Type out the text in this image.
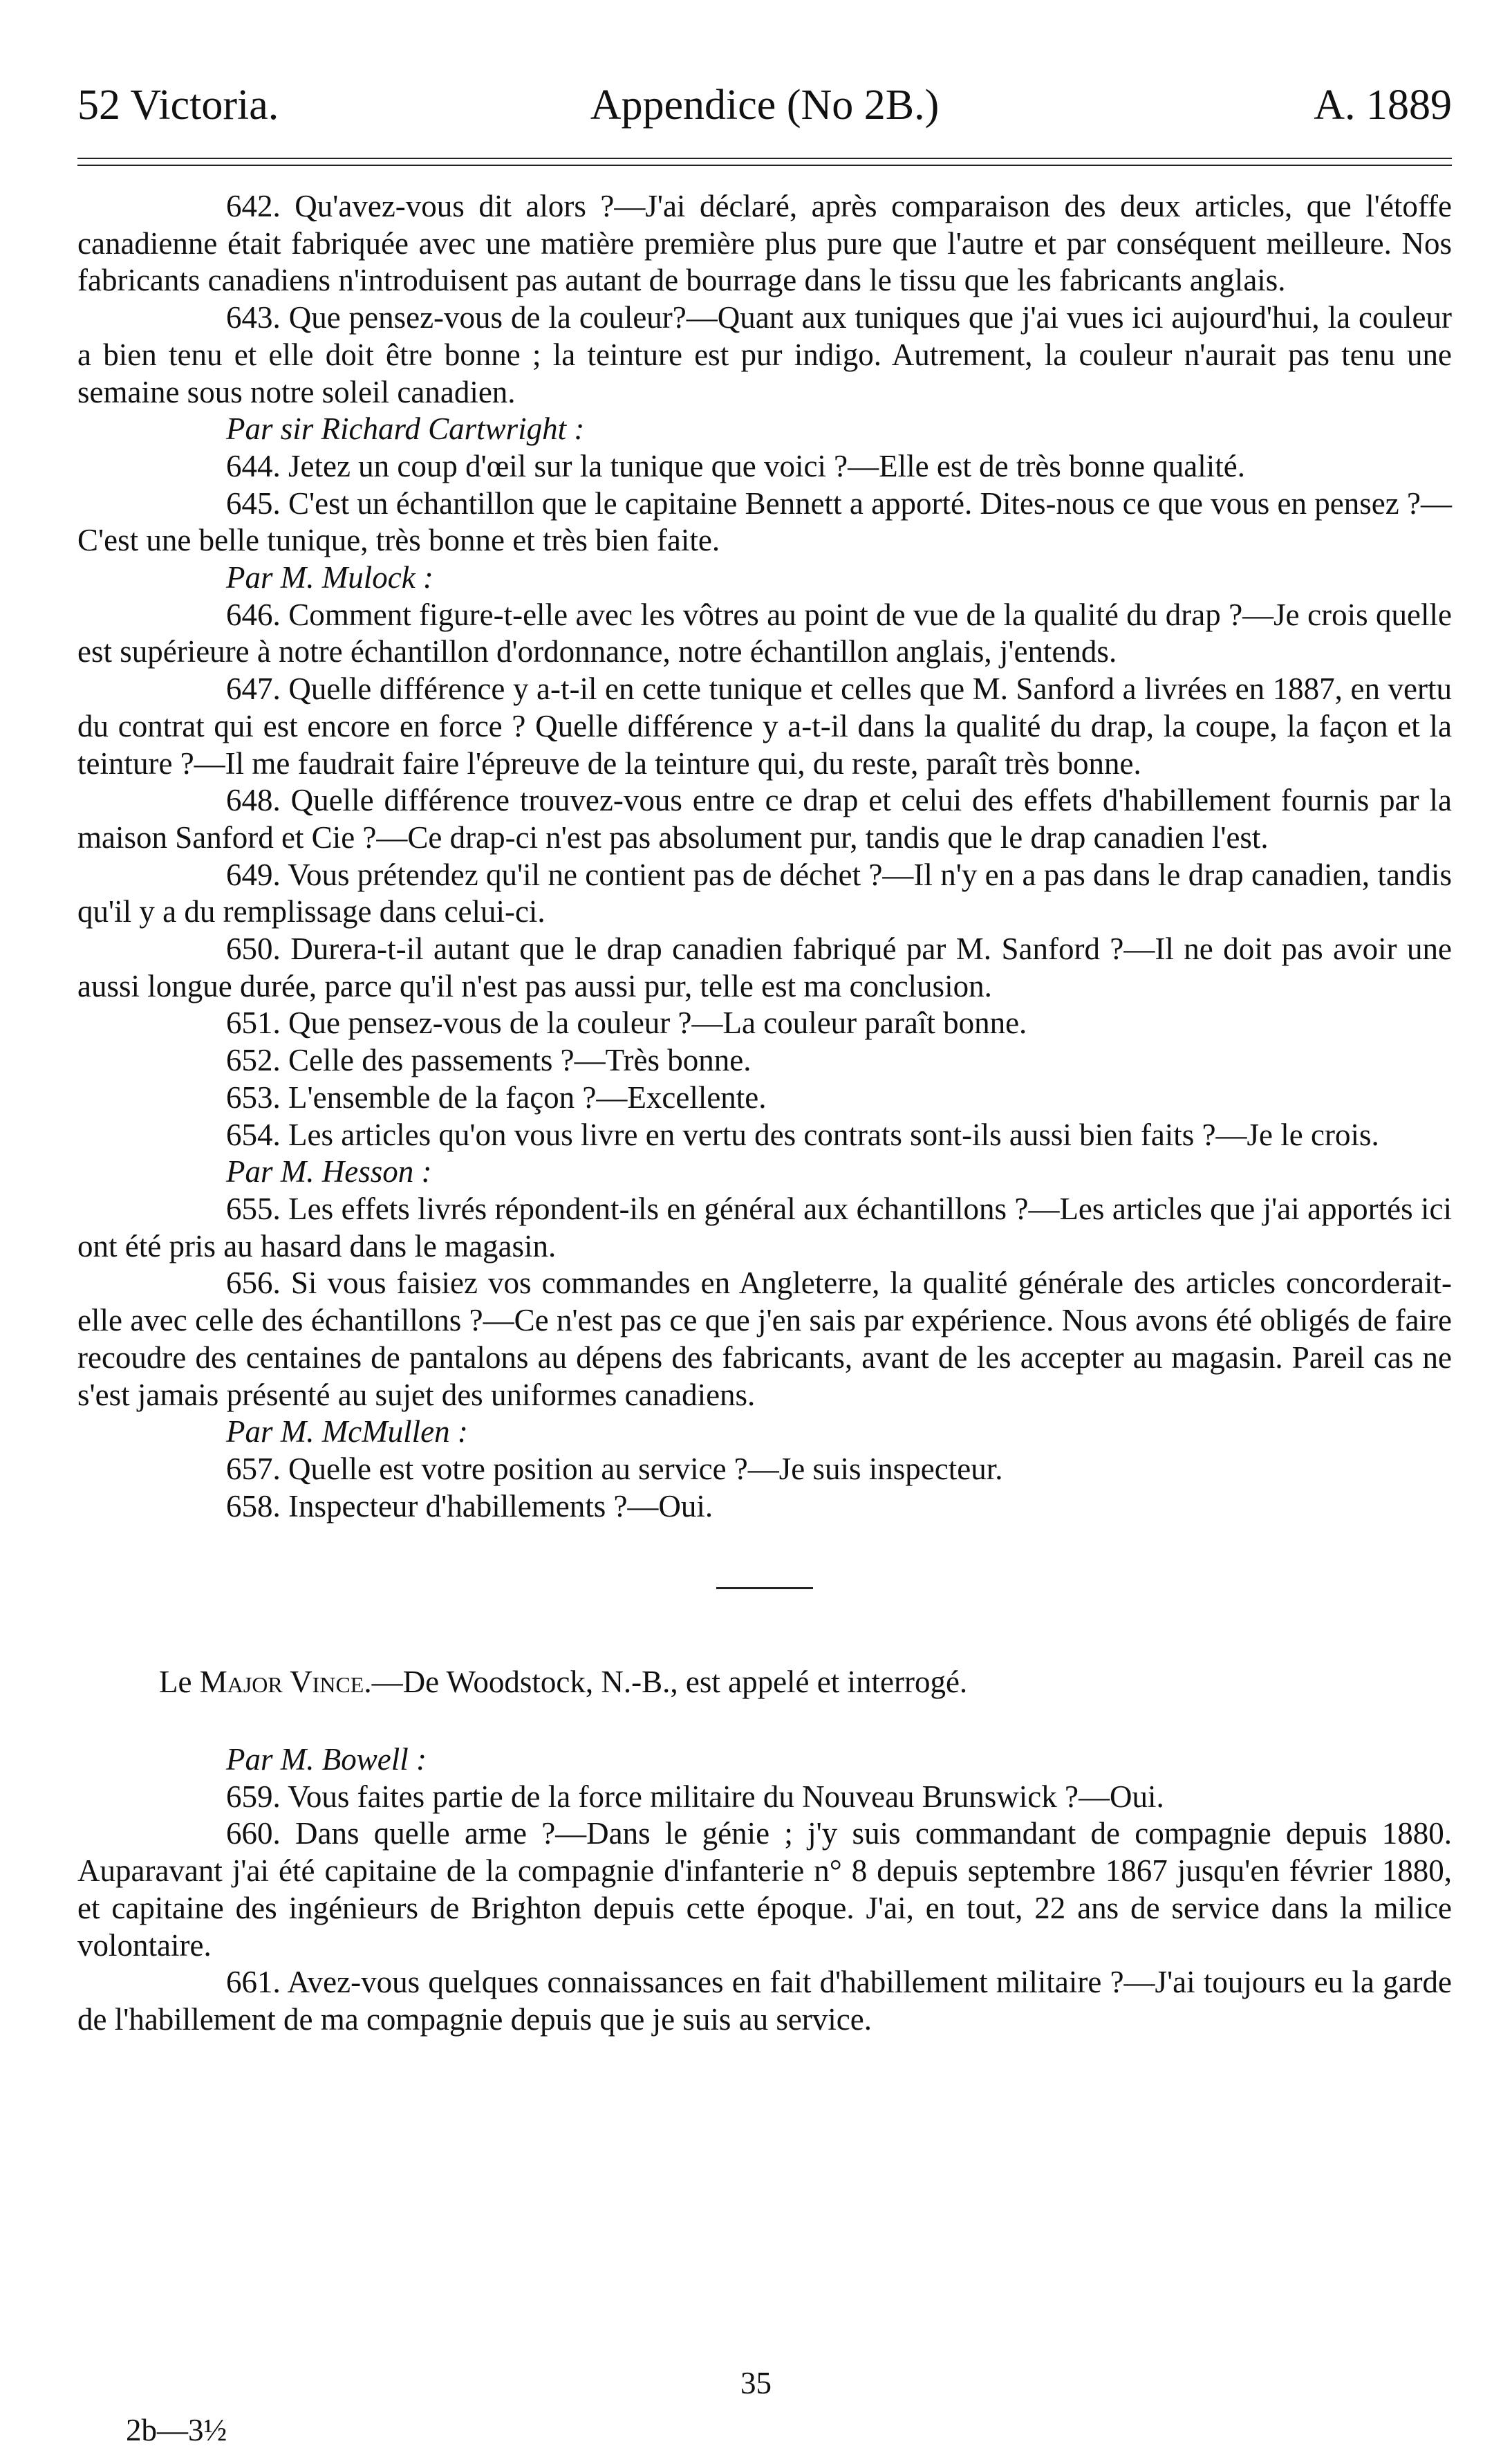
52 Victoria.	Appendice (No 2B.)	A. 1889

642. Qu'avez-vous dit alors ?—J'ai déclaré, après comparaison des deux articles, que l'étoffe canadienne était fabriquée avec une matière première plus pure que l'autre et par conséquent meilleure. Nos fabricants canadiens n'introduisent pas autant de bourrage dans le tissu que les fabricants anglais.

643. Que pensez-vous de la couleur?—Quant aux tuniques que j'ai vues ici aujourd'hui, la couleur a bien tenu et elle doit être bonne ; la teinture est pur indigo. Autrement, la couleur n'aurait pas tenu une semaine sous notre soleil canadien.

Par sir Richard Cartwright :

644. Jetez un coup d'œil sur la tunique que voici ?—Elle est de très bonne qualité.

645. C'est un échantillon que le capitaine Bennett a apporté. Dites-nous ce que vous en pensez ?—C'est une belle tunique, très bonne et très bien faite.

Par M. Mulock :

646. Comment figure-t-elle avec les vôtres au point de vue de la qualité du drap ?—Je crois quelle est supérieure à notre échantillon d'ordonnance, notre échantillon anglais, j'entends.

647. Quelle différence y a-t-il en cette tunique et celles que M. Sanford a livrées en 1887, en vertu du contrat qui est encore en force ? Quelle différence y a-t-il dans la qualité du drap, la coupe, la façon et la teinture ?—Il me faudrait faire l'épreuve de la teinture qui, du reste, paraît très bonne.

648. Quelle différence trouvez-vous entre ce drap et celui des effets d'habillement fournis par la maison Sanford et Cie ?—Ce drap-ci n'est pas absolument pur, tandis que le drap canadien l'est.

649. Vous prétendez qu'il ne contient pas de déchet ?—Il n'y en a pas dans le drap canadien, tandis qu'il y a du remplissage dans celui-ci.

650. Durera-t-il autant que le drap canadien fabriqué par M. Sanford ?—Il ne doit pas avoir une aussi longue durée, parce qu'il n'est pas aussi pur, telle est ma conclusion.

651. Que pensez-vous de la couleur ?—La couleur paraît bonne.

652. Celle des passements ?—Très bonne.

653. L'ensemble de la façon ?—Excellente.

654. Les articles qu'on vous livre en vertu des contrats sont-ils aussi bien faits ?—Je le crois.

Par M. Hesson :

655. Les effets livrés répondent-ils en général aux échantillons ?—Les articles que j'ai apportés ici ont été pris au hasard dans le magasin.

656. Si vous faisiez vos commandes en Angleterre, la qualité générale des articles concorderait-elle avec celle des échantillons ?—Ce n'est pas ce que j'en sais par expérience. Nous avons été obligés de faire recoudre des centaines de pantalons au dépens des fabricants, avant de les accepter au magasin. Pareil cas ne s'est jamais présenté au sujet des uniformes canadiens.

Par M. McMullen :

657. Quelle est votre position au service ?—Je suis inspecteur.

658. Inspecteur d'habillements ?—Oui.

Le Major Vince.—De Woodstock, N.-B., est appelé et interrogé.

Par M. Bowell :

659. Vous faites partie de la force militaire du Nouveau Brunswick ?—Oui.

660. Dans quelle arme ?—Dans le génie ; j'y suis commandant de compagnie depuis 1880. Auparavant j'ai été capitaine de la compagnie d'infanterie n° 8 depuis septembre 1867 jusqu'en février 1880, et capitaine des ingénieurs de Brighton depuis cette époque. J'ai, en tout, 22 ans de service dans la milice volontaire.

661. Avez-vous quelques connaissances en fait d'habillement militaire ?—J'ai toujours eu la garde de l'habillement de ma compagnie depuis que je suis au service.

35
2b—3½
